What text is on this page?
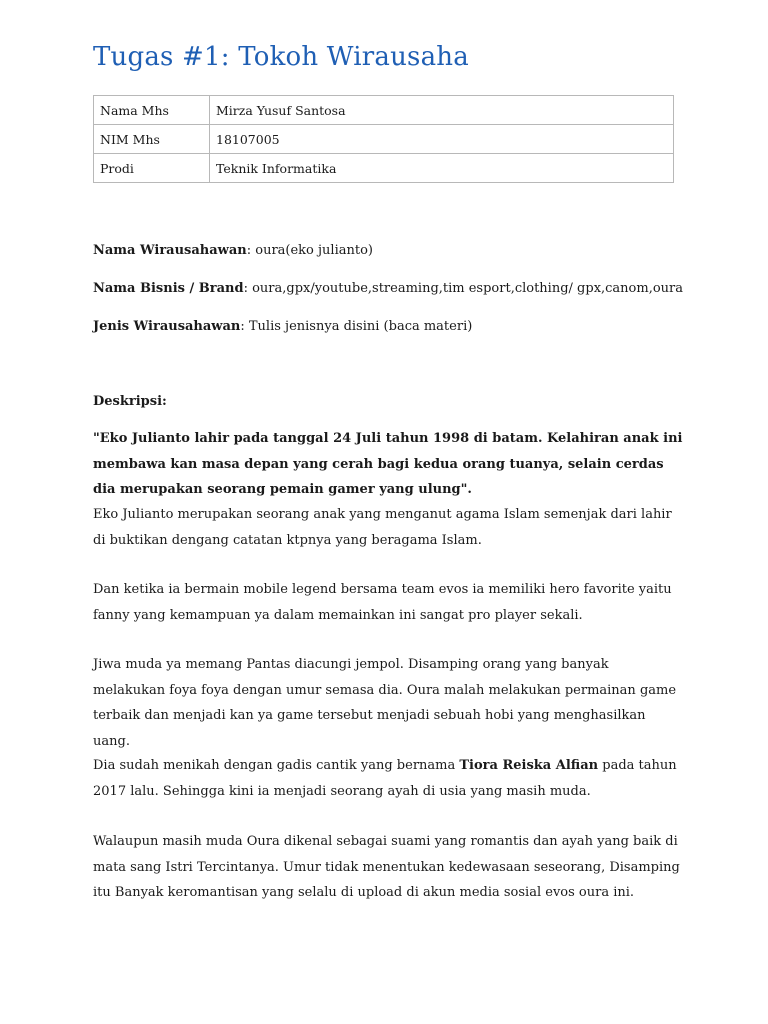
Tugas #1: Tokoh Wirausaha
Nama Mhs	Mirza Yusuf Santosa
NIM Mhs	18107005
Prodi	Teknik Informatika

Nama Wirausahawan: oura(eko julianto)

Nama Bisnis / Brand: oura,gpx/youtube,streaming,tim esport,clothing/ gpx,canom,oura

Jenis Wirausahawan: Tulis jenisnya disini (baca materi)

Deskripsi:

"Eko Julianto lahir pada tanggal 24 Juli tahun 1998 di batam. Kelahiran anak ini membawa kan masa depan yang cerah bagi kedua orang tuanya, selain cerdas dia merupakan seorang pemain gamer yang ulung".

Eko Julianto merupakan seorang anak yang menganut agama Islam semenjak dari lahir di buktikan dengang catatan ktpnya yang beragama Islam.

Dan ketika ia bermain mobile legend bersama team evos ia memiliki hero favorite yaitu fanny yang kemampuan ya dalam memainkan ini sangat pro player sekali.

Jiwa muda ya memang Pantas diacungi jempol. Disamping orang yang banyak melakukan foya foya dengan umur semasa dia. Oura malah melakukan permainan game terbaik dan menjadi kan ya game tersebut menjadi sebuah hobi yang menghasilkan uang.

Dia sudah menikah dengan gadis cantik yang bernama Tiora Reiska Alfian pada tahun 2017 lalu. Sehingga kini ia menjadi seorang ayah di usia yang masih muda.

Walaupun masih muda Oura dikenal sebagai suami yang romantis dan ayah yang baik di mata sang Istri Tercintanya. Umur tidak menentukan kedewasaan seseorang, Disamping itu Banyak keromantisan yang selalu di upload di akun media sosial evos oura ini.
